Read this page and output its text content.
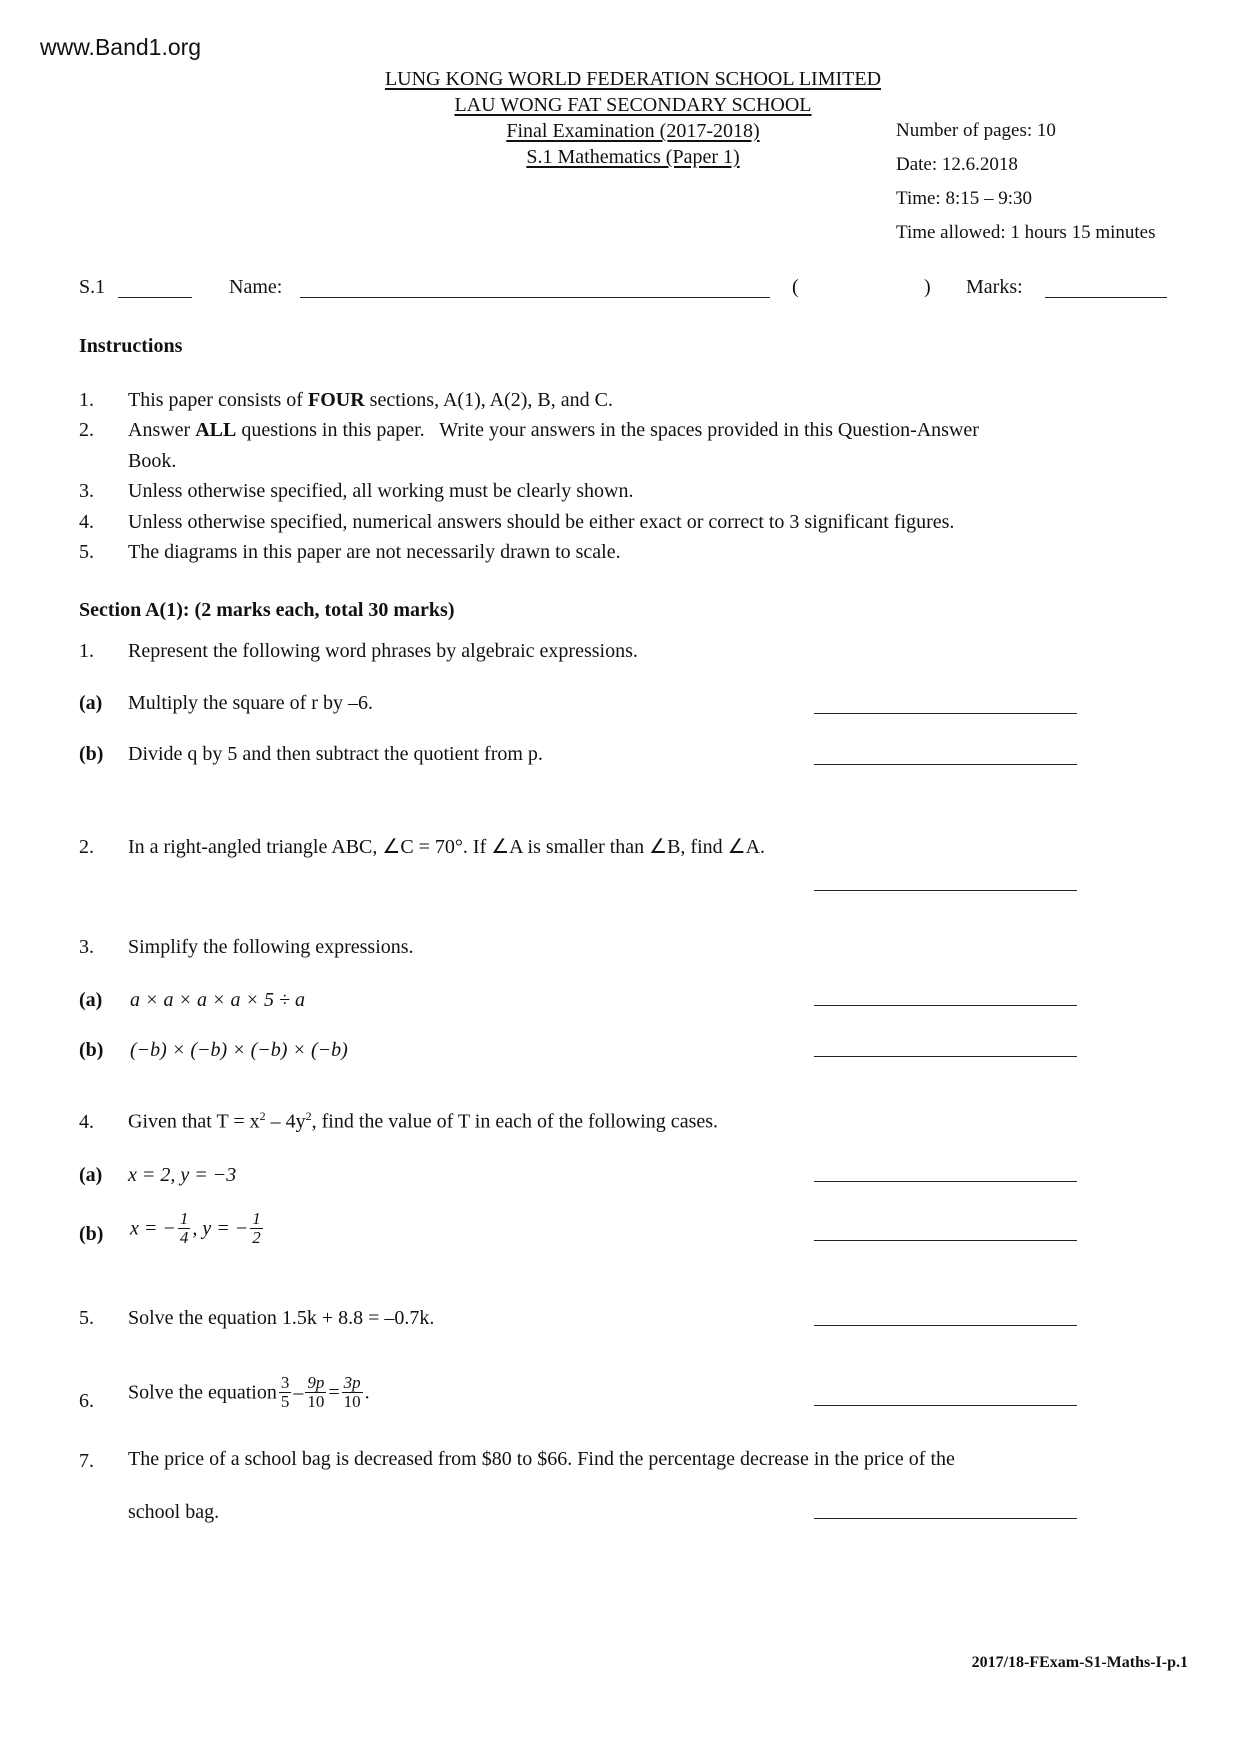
www.Band1.org
LUNG KONG WORLD FEDERATION SCHOOL LIMITED
LAU WONG FAT SECONDARY SCHOOL
Final Examination (2017-2018)
S.1 Mathematics (Paper 1)
Number of pages: 10
Date: 12.6.2018
Time: 8:15 – 9:30
Time allowed: 1 hours 15 minutes
S.1	Name:	(	) Marks:
Instructions
1. This paper consists of FOUR sections, A(1), A(2), B, and C.
2. Answer ALL questions in this paper.   Write your answers in the spaces provided in this Question-Answer
Book.
3. Unless otherwise specified, all working must be clearly shown.
4. Unless otherwise specified, numerical answers should be either exact or correct to 3 significant figures.
5. The diagrams in this paper are not necessarily drawn to scale.
Section A(1): (2 marks each, total 30 marks)
1. Represent the following word phrases by algebraic expressions.
(a) Multiply the square of r by –6.
(b) Divide q by 5 and then subtract the quotient from p.
2. In a right-angled triangle ABC, ∠C = 70°. If ∠A is smaller than ∠B, find ∠A.
3. Simplify the following expressions.
(a) a × a × a × a × 5 ÷ a
(b) (−b) × (−b) × (−b) × (−b)
4. Given that $T = x^2 - 4y^2$, find the value of T in each of the following cases.
(a) x = 2, y = −3
(b) x = − $\frac{1}{4}$ , y = − $\frac{1}{2}$
5. Solve the equation 1.5k + 8.8 = –0.7k.
6. Solve the equation $\frac{3}{5} - \frac{9p}{10} = \frac{3p}{10}$ .
7. The price of a school bag is decreased from $80 to $66. Find the percentage decrease in the price of the
school bag.
2017/18-FExam-S1-Maths-I-p.1
